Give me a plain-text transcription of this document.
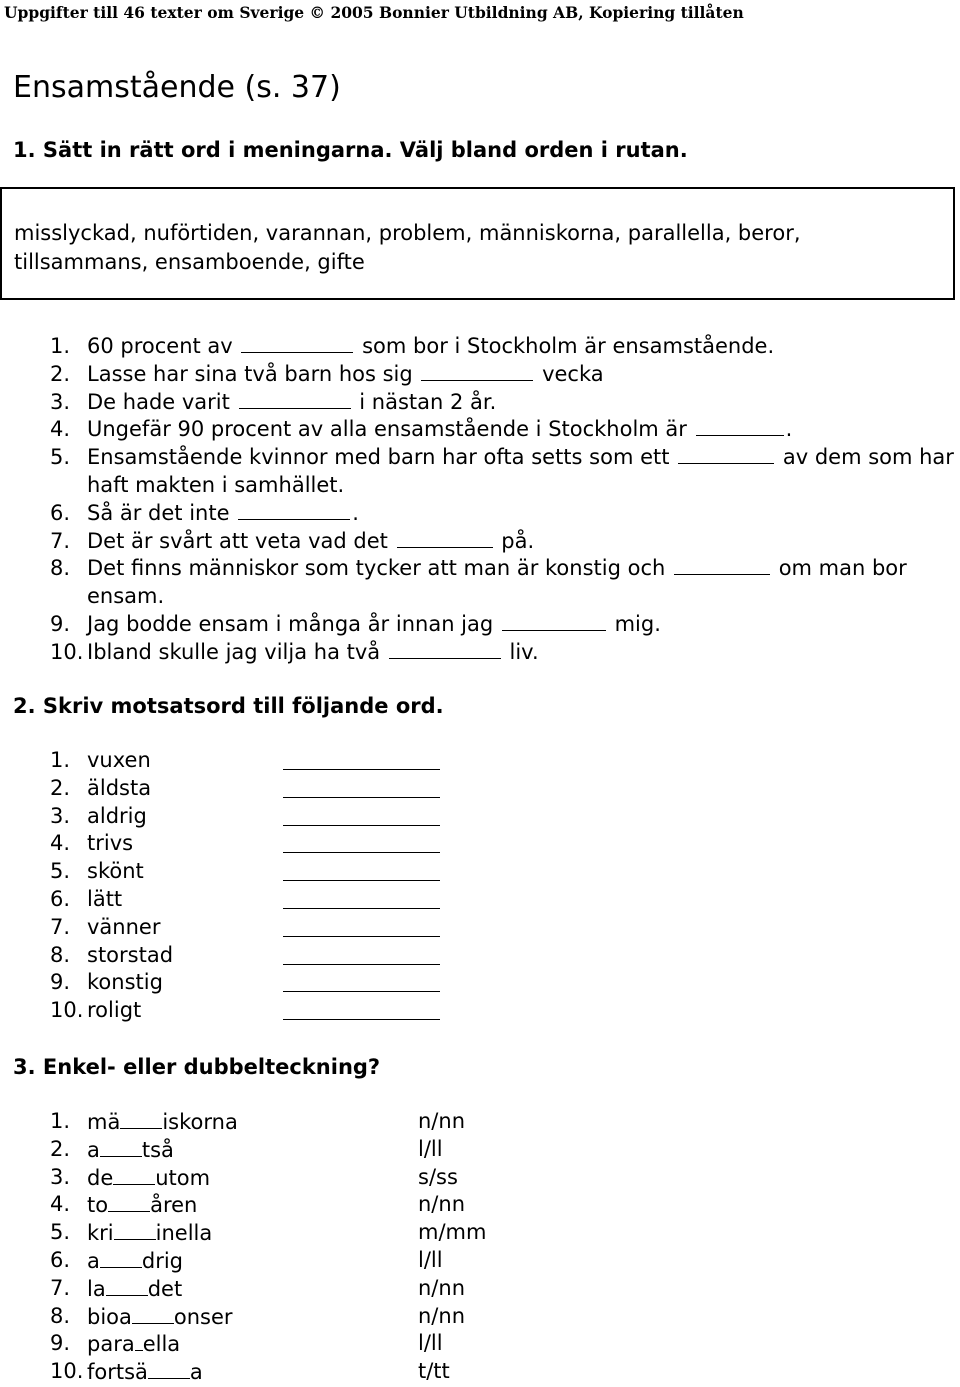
Uppgifter till 46 texter om Sverige © 2005 Bonnier Utbildning AB, Kopiering tillåten
Ensamstående (s. 37)
1. Sätt in rätt ord i meningarna. Välj bland orden i rutan.
misslyckad, nuförtiden, varannan, problem, människorna, parallella, beror, tillsammans, ensamboende, gifte
1. 60 procent av	som bor i Stockholm är ensamstående.
2. Lasse har sina två barn hos sig	vecka
3. De hade varit	i nästan 2 år.
4. Ungefär 90 procent av alla ensamstående i Stockholm är	.
5. Ensamstående kvinnor med barn har ofta setts som ett	av dem som har haft makten i samhället.
6. Så är det inte	.
7. Det är svårt att veta vad det	på.
8. Det finns människor som tycker att man är konstig och	om man bor ensam.
9. Jag bodde ensam i många år innan jag	mig.
10. Ibland skulle jag vilja ha två	liv.
2. Skriv motsatsord till följande ord.
1. vuxen
2. äldsta
3. aldrig
4. trivs
5. skönt
6. lätt
7. vänner
8. storstad
9. konstig
10. roligt
3. Enkel- eller dubbelteckning?
1. mä iskorna	n/nn
2. a tså	l/ll
3. de utom	s/ss
4. to åren	n/nn
5. kri inella	m/mm
6. a drig	l/ll
7. la det	n/nn
8. bioa onser	n/nn
9. para ella	l/ll
10. fortsä a	t/tt
